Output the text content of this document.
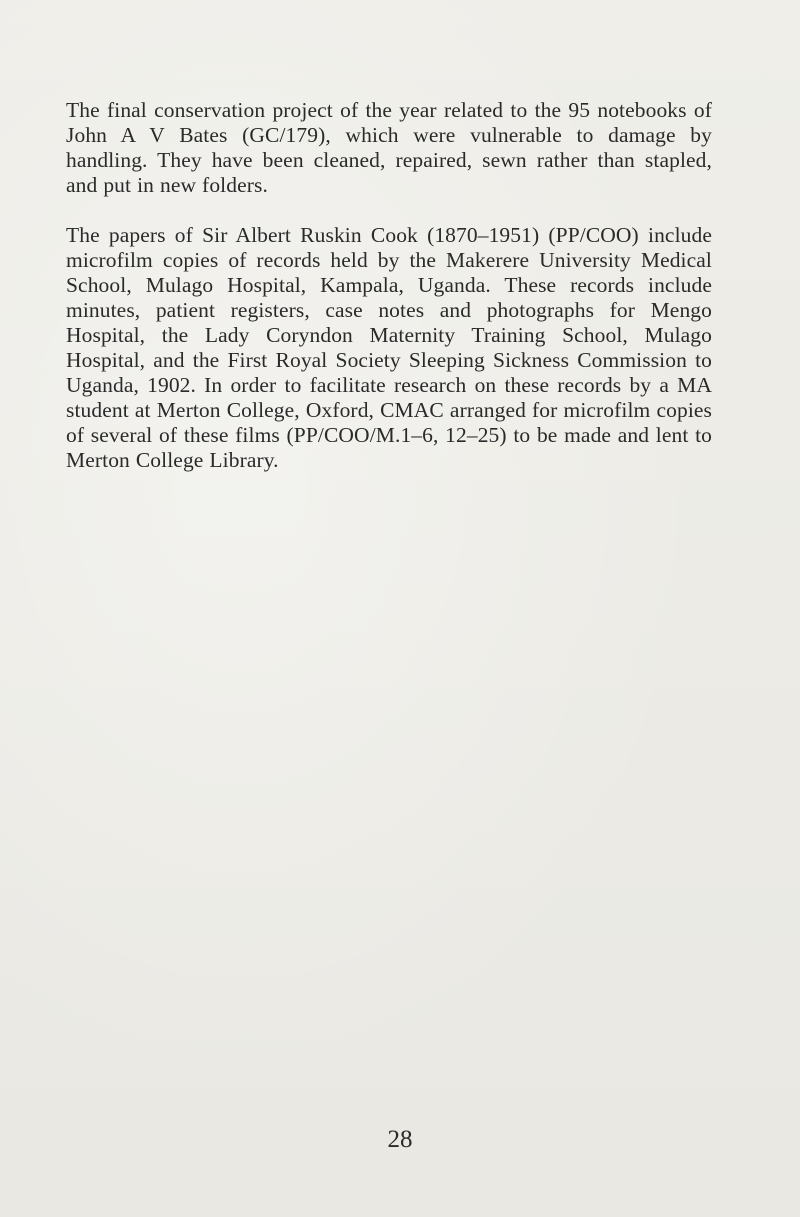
The final conservation project of the year related to the 95 notebooks of John A V Bates (GC/179), which were vulnerable to damage by handling. They have been cleaned, repaired, sewn rather than stapled, and put in new folders.

The papers of Sir Albert Ruskin Cook (1870–1951) (PP/COO) include microfilm copies of records held by the Makerere University Medical School, Mulago Hospital, Kampala, Uganda. These records include minutes, patient registers, case notes and photographs for Mengo Hospital, the Lady Coryndon Maternity Training School, Mulago Hospital, and the First Royal Society Sleeping Sickness Commission to Uganda, 1902. In order to facilitate research on these records by a MA student at Merton College, Oxford, CMAC arranged for microfilm copies of several of these films (PP/COO/M.1–6, 12–25) to be made and lent to Merton College Library.

28
